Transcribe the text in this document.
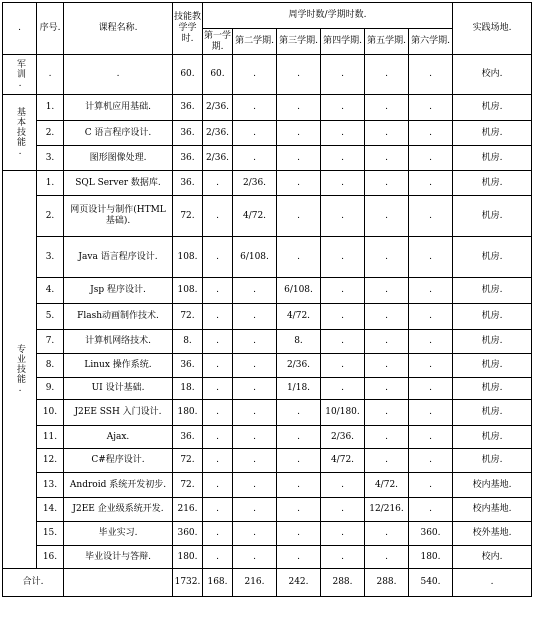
.	序号.	课程名称.	技能教学学时.	周学时数/学期时数.						实践场地.
				第一学期.	第二学期.	第三学期.	第四学期.	第五学期.	第六学期.	

军训.	.	.	60.	60.	.	.	.	.	.	校内.

基本技能.	1.	计算机应用基础.	36.	2/36.	.	.	.	.	.	机房.
	2.	C 语言程序设计.	36.	2/36.	.	.	.	.	.	机房.
	3.	图形图像处理.	36.	2/36.	.	.	.	.	.	机房.

专业技能.	1.	SQL Server 数据库.	36.	.	2/36.	.	.	.	.	机房.
	2.	网页设计与制作(HTML 基础).	72.	.	4/72.	.	.	.	.	机房.
	3.	Java 语言程序设计.	108.	.	6/108.	.	.	.	.	机房.
	4.	Jsp 程序设计.	108.	.	.	6/108.	.	.	.	机房.
	5.	Flash动画制作技术.	72.	.	.	4/72.	.	.	.	机房.
	7.	计算机网络技术.	8.	.	.	8.	.	.	.	机房.
	8.	Linux 操作系统.	36.	.	.	2/36.	.	.	.	机房.
	9.	UI 设计基础.	18.	.	.	1/18.	.	.	.	机房.
	10.	J2EE SSH 入门设计.	180.	.	.	.	10/180.	.	.	机房.
	11.	Ajax.	36.	.	.	.	2/36.	.	.	机房.
	12.	C#程序设计.	72.	.	.	.	4/72.	.	.	机房.
	13.	Android 系统开发初步.	72.	.	.	.	.	4/72.	.	校内基地.
	14.	J2EE 企业级系统开发.	216.	.	.	.	.	12/216.	.	校内基地.
	15.	毕业实习.	360.	.	.	.	.	.	360.	校外基地.
	16.	毕业设计与答辩.	180.	.	.	.	.	.	180.	校内.
合计.			1732.	168.	216.	242.	288.	288.	540.	.
